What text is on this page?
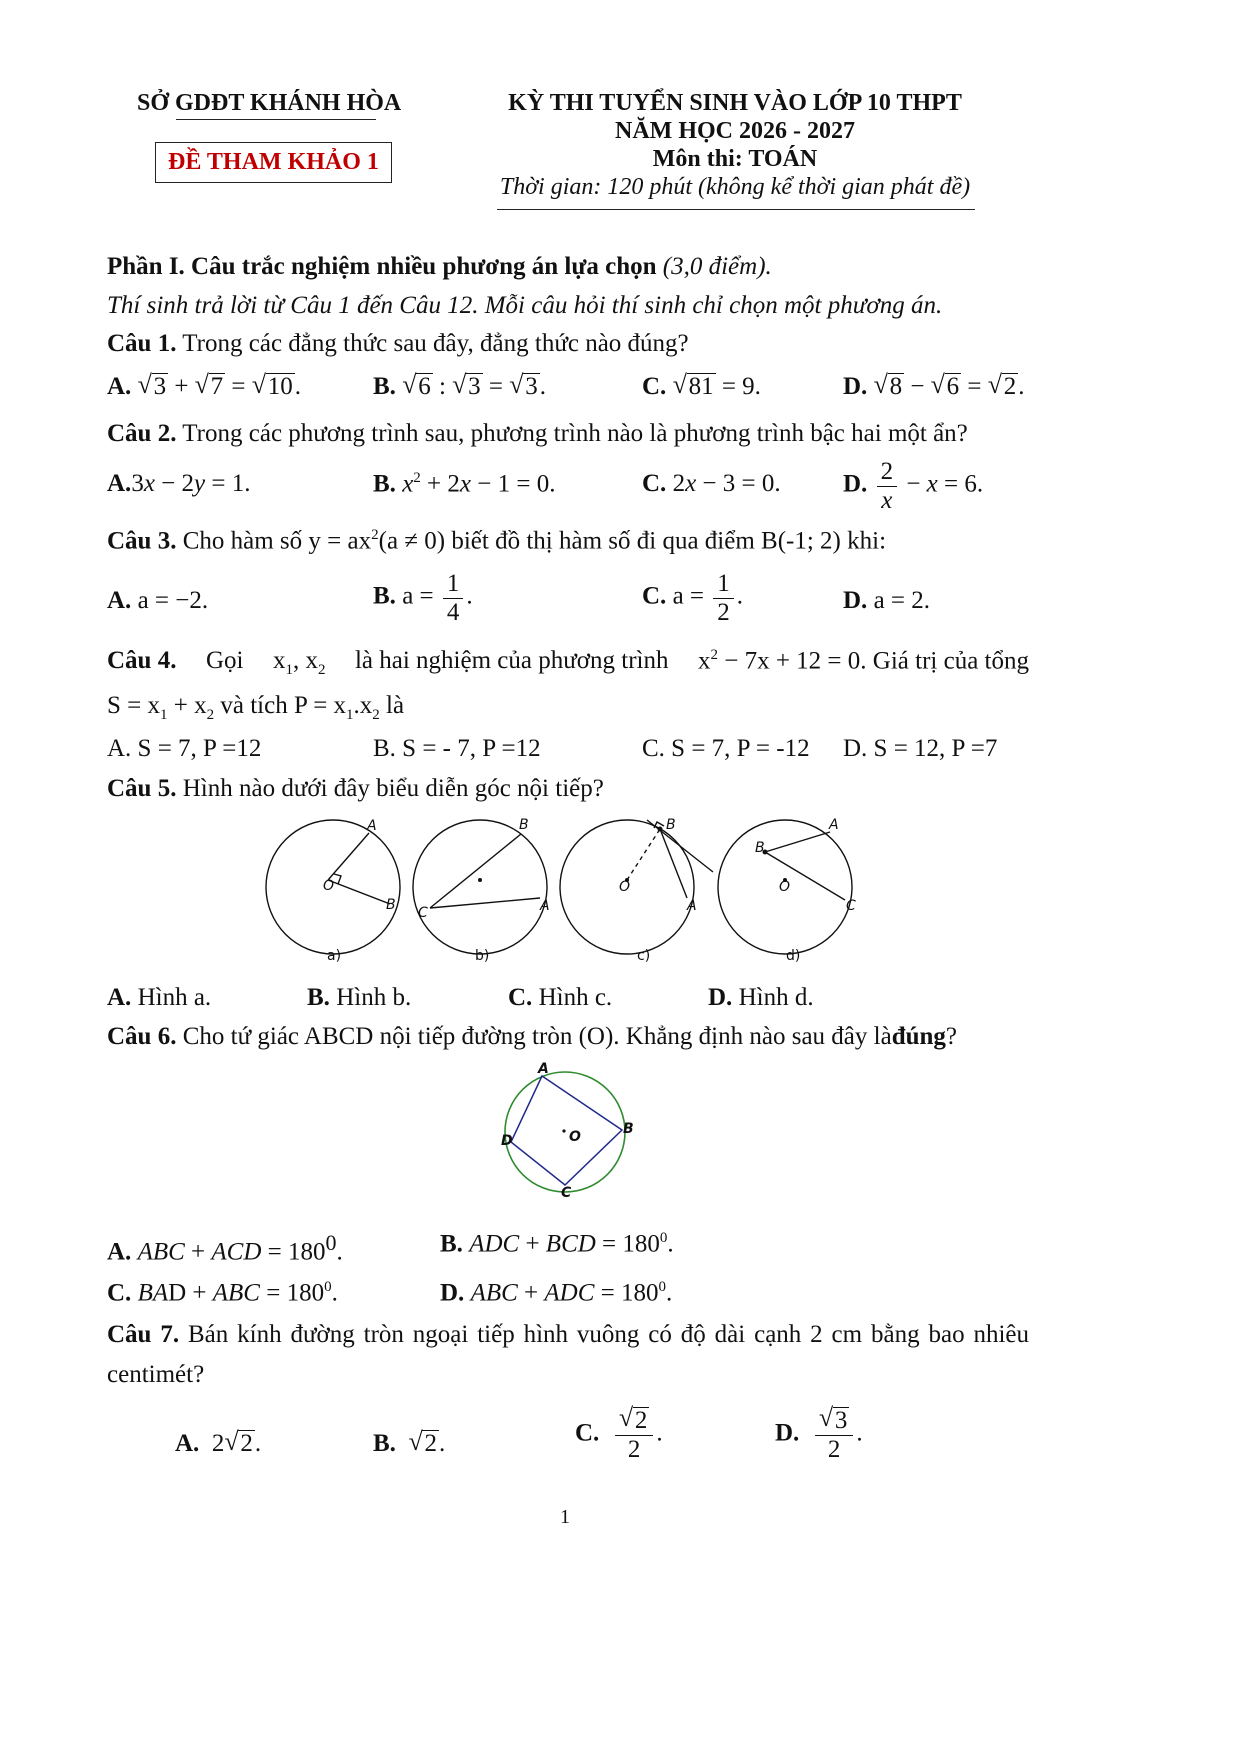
SỞ GDĐT KHÁNH HÒA
ĐỀ THAM KHẢO 1
KỲ THI TUYỂN SINH VÀO LỚP 10 THPT
NĂM HỌC 2026 - 2027
Môn thi: TOÁN
Thời gian: 120 phút (không kể thời gian phát đề)
Phần I. Câu trắc nghiệm nhiều phương án lựa chọn (3,0 điểm).
Thí sinh trả lời từ Câu 1 đến Câu 12. Mỗi câu hỏi thí sinh chỉ chọn một phương án.
Câu 1. Trong các đẳng thức sau đây, đẳng thức nào đúng?
A. √ 3 + √ 7 = √ 10.	B. √ 6 : √ 3 = √ 3.	C. √ 81 = 9.	D. √ 8 − √ 6 = √ 2.
Câu 2. Trong các phương trình sau, phương trình nào là phương trình bậc hai một ẩn?
A.3x − 2y = 1.	B. $x^2 + 2x - 1 = 0$.	C. 2x − 3 = 0. D. $\frac{2}{x} - x = 6$.
Câu 3. Cho hàm số $y = ax^2(a \ne 0)$ biết đồ thị hàm số đi qua điểm B(-1; 2) khi:
A. a = −2.	B. $a = \frac{1}{4}$ .	C. $a = \frac{1}{2}$ .	D. a = 2.
Câu 4. Gọi $x_1$, $x_2$ là hai nghiệm của phương trình $x^2 - 7x + 12 = 0$. Giá trị của tổng
$S = x_1 + x_2$ và tích $P = x_1.x_2$ là
A. S = 7, P =12	B. S = - 7, P =12	C. S = 7, P = -12 D. S = 12, P =7
Câu 5. Hình nào dưới đây biểu diễn góc nội tiếp?
A
O
B
B
C	A
B
O
A
A
B
O
C
a)	b)	c)	d)
A. Hình a.	B. Hình b.	C. Hình c.	D. Hình d.
Câu 6. Cho tứ giác ABCD nội tiếp đường tròn (O). Khẳng định nào sau đây làđúng?
A
B
C
D	O
A. ABC + ACD = $180^0$.	B. ADC + BCD = $180^0$.
C. BAD + ABC = $180^0$.	D. ABC + ADC = $180^0$.
Câu 7. Bán kính đường tròn ngoại tiếp hình vuông có độ dài cạnh 2 cm bằng bao nhiêu
centimét?
A.  2 √ 2.	B. √ 2.	C. $\frac{√ 2}{2}$ .	D. $\frac{√ 3}{2}$ .
1
